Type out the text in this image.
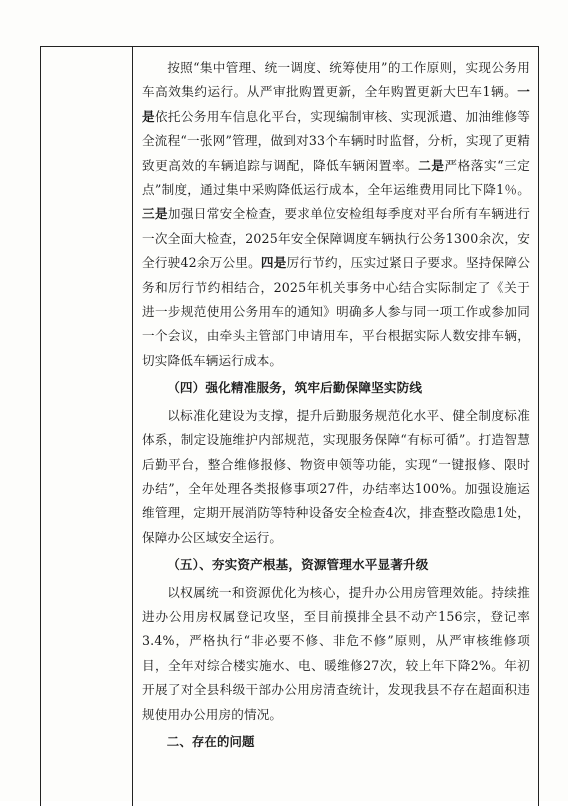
按照“集中管理、统一调度、统筹使用”的工作原则，实现公务用车高效集约运行。从严审批购置更新，全年购置更新大巴车1辆。一是依托公务用车信息化平台，实现编制审核、实现派遣、加油维修等全流程“一张网”管理，做到对33个车辆时时监督，分析，实现了更精致更高效的车辆追踪与调配，降低车辆闲置率。二是严格落实“三定点”制度，通过集中采购降低运行成本，全年运维费用同比下降1％。三是加强日常安全检查，要求单位安检组每季度对平台所有车辆进行一次全面大检查，2025年安全保障调度车辆执行公务1300余次，安全行驶42余万公里。四是厉行节约，压实过紧日子要求。坚持保障公务和厉行节约相结合，2025年机关事务中心结合实际制定了《关于进一步规范使用公务用车的通知》明确多人参与同一项工作或参加同一个会议，由牵头主管部门申请用车，平台根据实际人数安排车辆，切实降低车辆运行成本。

（四）强化精准服务，筑牢后勤保障坚实防线

以标准化建设为支撑，提升后勤服务规范化水平、健全制度标准体系，制定设施维护内部规范，实现服务保障“有标可循”。打造智慧后勤平台，整合维修报修、物资申领等功能，实现“一键报修、限时办结”，全年处理各类报修事项27件，办结率达100%。加强设施运维管理，定期开展消防等特种设备安全检查4次，排查整改隐患1处，保障办公区域安全运行。

（五）、夯实资产根基，资源管理水平显著升级

以权属统一和资源优化为核心，提升办公用房管理效能。持续推进办公用房权属登记攻坚，至目前摸排全县不动产156宗，登记率3.4%，严格执行“非必要不修、非危不修”原则，从严审核维修项目，全年对综合楼实施水、电、暖维修27次，较上年下降2%。年初开展了对全县科级干部办公用房清查统计，发现我县不存在超面积违规使用办公用房的情况。

二、存在的问题
